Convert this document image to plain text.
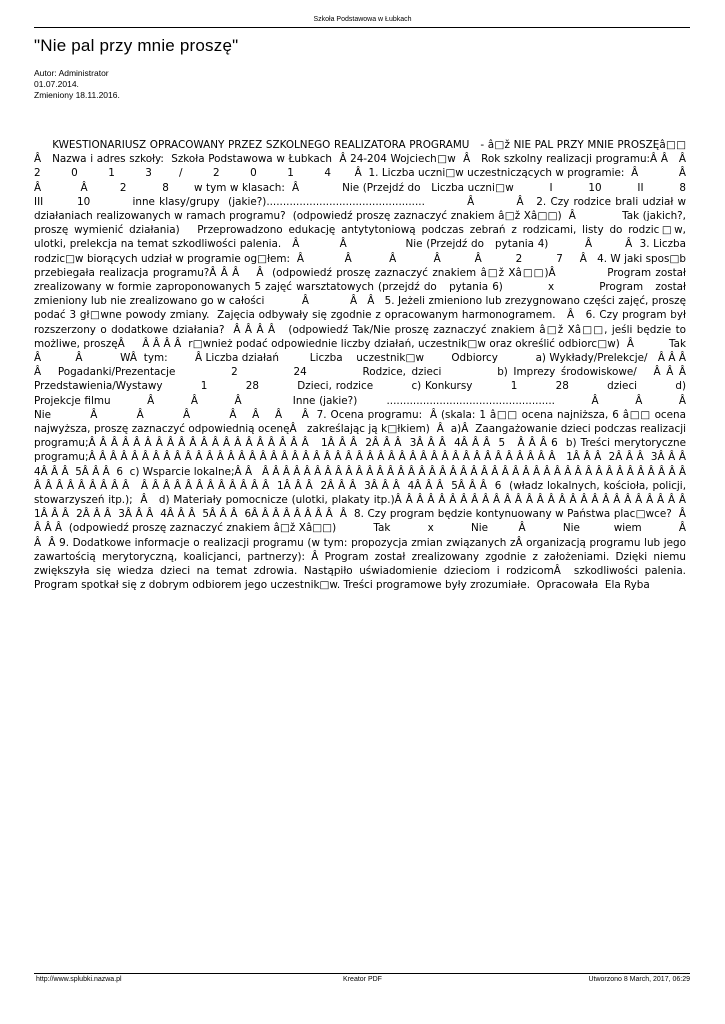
Szkoła Podstawowa w Łubkach
"Nie pal przy mnie proszę"
Autor: Administrator
01.07.2014.
Zmieniony 18.11.2016.
KWESTIONARIUSZ OPRACOWANY PRZEZ SZKOLNEGO REALIZATORA PROGRAMU   - â□ž NIE PAL PRZY MNIE PROSZĘâ□□  Â   Nazwa i adres szkoły:  Szkoła Podstawowa w Łubkach  Â 24-204 Wojciech□w  Â   Rok szkolny realizacji programu:Â Â   Â          2         0         1         3        /         2         0         1         4       Â  1. Liczba uczni□w uczestniczących w programie:  Â            Â           Â           Â         2          8       w tym w klasach:  Â            Nie (Przejdź do   Liczba uczni□w          I          10          II          8          III        10          inne klasy/grupy  (jakie?)................................................          Â          Â   2. Czy rodzice brali udział w działaniach realizowanych w ramach programu?  (odpowiedź proszę zaznaczyć znakiem â□ž Xâ□□)  Â             Tak (jakich?,   proszę wymienić działania)   Przeprowadzono edukację antytytoniową podczas zebrań z rodzicami, listy do rodzic□w,   ulotki, prelekcja na temat szkodliwości palenia.   Â           Â                Nie (Przejdź do   pytania 4)          Â         Â  3. Liczba rodzic□w biorących udział w programie og□łem:  Â            Â           Â           Â          Â          2          7     Â   4. W jaki spos□b przebiegała realizacja programu?Â Â Â    Â  (odpowiedź proszę zaznaczyć znakiem â□ž Xâ□□)Â            Program został   zrealizowany w formie zaproponowanych 5 zajęć warsztatowych (przejdź do   pytania 6)           x           Program   został zmieniony lub nie zrealizowano go w całości           Â            Â   Â   5. Jeżeli zmieniono lub zrezygnowano części zajęć, proszę podać 3 gł□wne powody zmiany.  Zajęcia odbywały się zgodnie z opracowanym harmonogramem.   Â   6. Czy program był rozszerzony o dodatkowe działania?  Â Â Â Â   (odpowiedź Tak/Nie proszę zaznaczyć znakiem â□ž Xâ□□, jeśli będzie to możliwe, proszęÂ     Â Â Â Â  r□wnież podać odpowiednie liczby działań, uczestnik□w oraz określić odbiorc□w)  Â          Tak           Â          Â           WÂ  tym:        Â Liczba działań         Liczba    uczestnik□w        Odbiorcy           a) Wykłady/Prelekcje/   Â Â Â Â   Pogadanki/Prezentacje          2          24          Rodzice, dzieci          b) Imprezy środowiskowe/   Â Â Â   Przedstawienia/Wystawy          1          28          Dzieci, rodzice          c) Konkursy          1          28          dzieci          d) Projekcje filmu          Â          Â          Â              Inne (jakie?)        ...................................................          Â          Â          Â          Nie          Â          Â          Â          Â    Â    Â     Â  7. Ocena programu:  Â (skala: 1 â□□ ocena najniższa, 6 â□□ ocena najwyższa, proszę zaznaczyć odpowiednią ocenęÂ   zakreślając ją k□łkiem)  Â  a)Â  Zaangażowanie dzieci podczas realizacji programu;Â Â Â Â Â Â Â Â Â Â Â Â Â Â Â Â Â Â Â Â   1Â Â Â  2Â Â Â  3Â Â Â  4Â Â Â  5   Â Â Â 6  b) Treści merytoryczne programu;Â Â Â Â Â Â Â Â Â Â Â Â Â Â Â Â Â Â Â Â Â Â Â Â Â Â Â Â Â Â Â Â Â Â Â Â Â Â Â Â Â Â Â Â   1Â Â Â  2Â Â Â  3Â Â Â  4Â Â Â  5Â Â Â  6  c) Wsparcie lokalne;Â Â   Â Â Â Â Â Â Â Â Â Â Â Â Â Â Â Â Â Â Â Â Â Â Â Â Â Â Â Â Â Â Â Â Â Â Â Â Â Â Â Â Â Â Â Â Â Â Â Â Â Â   Â Â Â Â Â Â Â Â Â Â Â Â  1Â Â Â  2Â Â Â  3Â Â Â  4Â Â Â  5Â Â Â  6  (władz lokalnych, kościoła, policji, stowarzyszeń itp.);  Â   d) Materiały pomocnicze (ulotki, plakaty itp.)Â Â Â Â Â Â Â Â Â Â Â Â Â Â Â Â Â Â Â Â Â Â Â Â Â Â Â   1Â Â Â  2Â Â Â  3Â Â Â  4Â Â Â  5Â Â Â  6Â Â Â Â Â Â Â Â  Â  8. Czy program będzie kontynuowany w Państwa plac□wce?  Â Â Â Â  (odpowiedź proszę zaznaczyć znakiem â□ž Xâ□□)           Tak           x           Nie         Â           Nie          wiem           Â           Â  Â 9. Dodatkowe informacje o realizacji programu (w tym: propozycja zmian związanych zÂ organizacją programu lub jego zawartością merytoryczną, koalicjanci, partnerzy): Â Program został zrealizowany zgodnie z założeniami. Dzięki niemu zwiększyła się wiedza dzieci na temat zdrowia. Nastąpiło uświadomienie dzieciom i rodzicomÂ  szkodliwości palenia. Program spotkał się z dobrym odbiorem jego uczestnik□w. Treści programowe były zrozumiałe.  Opracowała  Ela Ryba
http://www.splubki.nazwa.pl	Kreator PDF	Utworzono 8 March, 2017, 06:29
